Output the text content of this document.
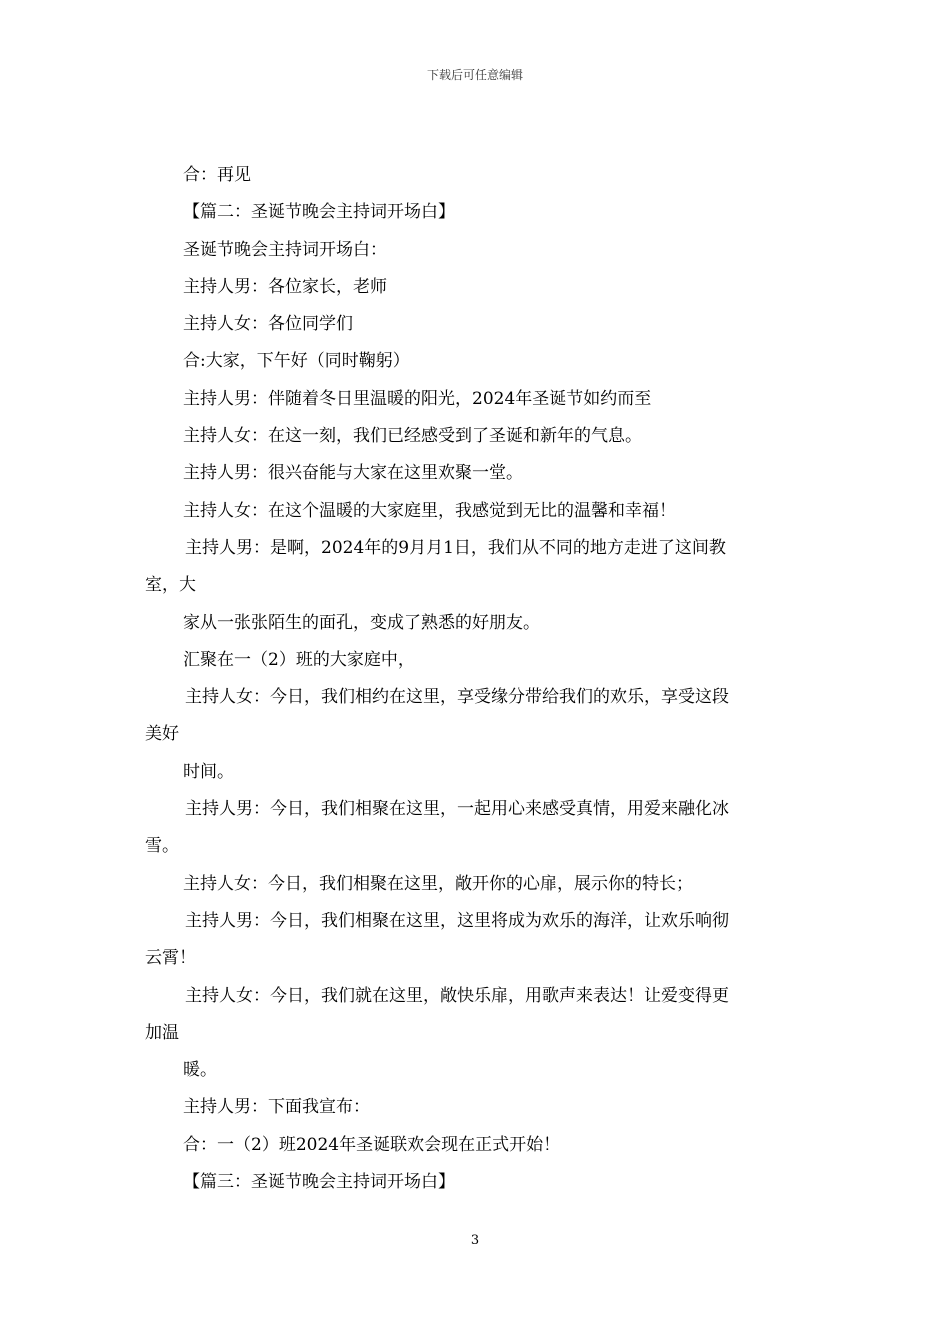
下载后可任意编辑
合：再见
【篇二：圣诞节晚会主持词开场白】
圣诞节晚会主持词开场白：
主持人男：各位家长，老师
主持人女：各位同学们
合:大家，下午好（同时鞠躬）
主持人男：伴随着冬日里温暖的阳光，2024年圣诞节如约而至
主持人女：在这一刻，我们已经感受到了圣诞和新年的气息。
主持人男：很兴奋能与大家在这里欢聚一堂。
主持人女：在这个温暖的大家庭里，我感觉到无比的温馨和幸福！
主持人男：是啊，2024年的9月月1日，我们从不同的地方走进了这间教
室，大
家从一张张陌生的面孔，变成了熟悉的好朋友。
汇聚在一（2）班的大家庭中，
主持人女：今日，我们相约在这里，享受缘分带给我们的欢乐，享受这段
美好
时间。
主持人男：今日，我们相聚在这里，一起用心来感受真情，用爱来融化冰
雪。
主持人女：今日，我们相聚在这里，敞开你的心扉，展示你的特长；
主持人男：今日，我们相聚在这里，这里将成为欢乐的海洋，让欢乐响彻
云霄！
主持人女：今日，我们就在这里，敞快乐扉，用歌声来表达！让爱变得更
加温
暖。
主持人男：下面我宣布：
合：一（2）班2024年圣诞联欢会现在正式开始！
【篇三：圣诞节晚会主持词开场白】
3
